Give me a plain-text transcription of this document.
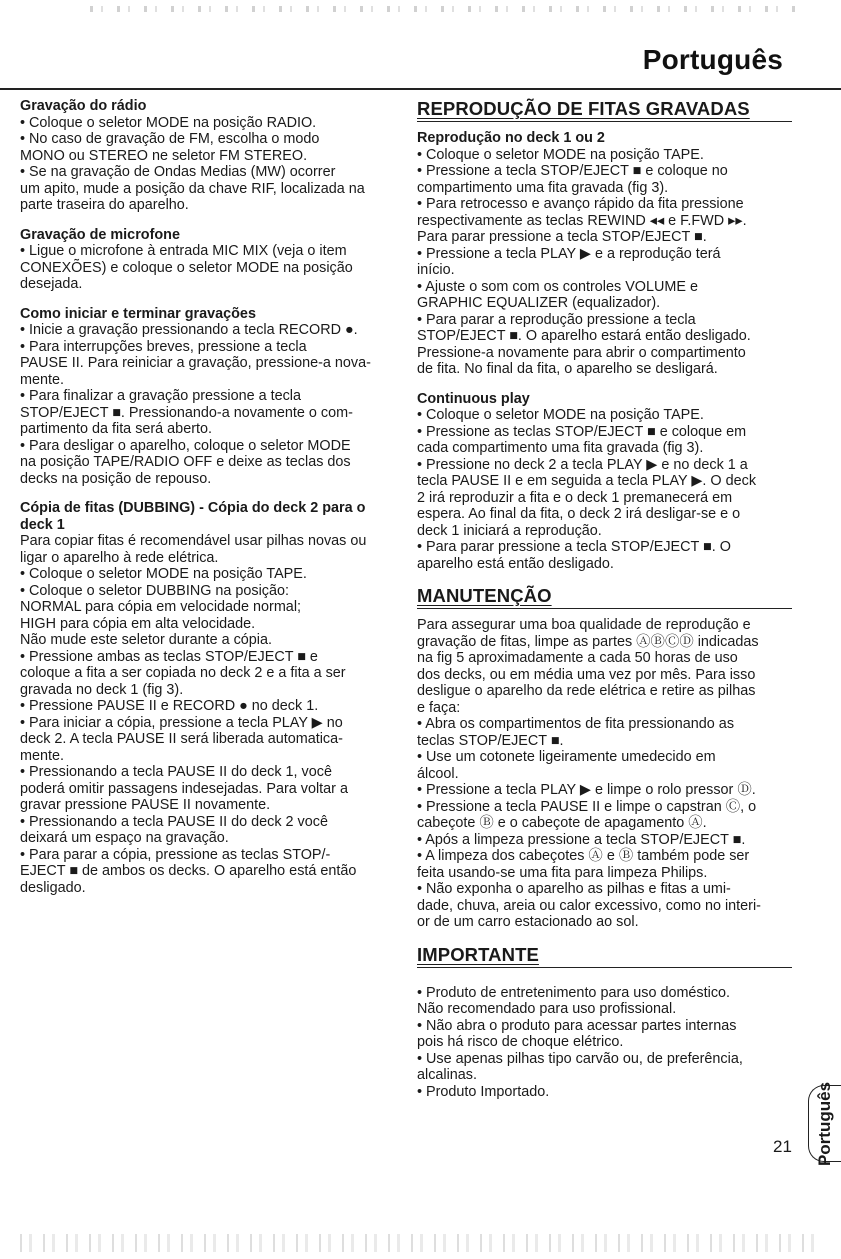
Português

Gravação do rádio

• Coloque o seletor MODE na posição RADIO.

• No caso de gravação de FM, escolha o modo

MONO ou STEREO ne seletor FM STEREO.

• Se na gravação de Ondas Medias (MW) ocorrer

um apito, mude a posição da chave RIF, localizada na

parte traseira do aparelho.

Gravação de microfone

• Ligue o microfone à entrada MIC MIX (veja o item

CONEXÕES) e coloque o seletor MODE na posição

desejada.

Como iniciar e terminar gravações

• Inicie a gravação pressionando a tecla RECORD ●.

• Para interrupções breves, pressione a tecla

PAUSE II. Para reiniciar a gravação, pressione-a nova-

mente.

• Para finalizar a gravação pressione a tecla

STOP/EJECT ■. Pressionando-a novamente o com-

partimento da fita será aberto.

• Para desligar o aparelho, coloque o seletor MODE

na posição TAPE/RADIO OFF e deixe as teclas dos

decks na posição de repouso.

Cópia de fitas (DUBBING) - Cópia do deck 2 para o deck 1

Para copiar fitas é recomendável usar pilhas novas ou

ligar o aparelho à rede elétrica.

• Coloque o seletor MODE na posição TAPE.

• Coloque o seletor DUBBING na posição:

NORMAL para cópia em velocidade normal;

HIGH para cópia em alta velocidade.

Não mude este seletor durante a cópia.

• Pressione ambas as teclas STOP/EJECT ■ e

coloque a fita a ser copiada no deck 2 e a fita a ser

gravada no deck 1 (fig 3).

• Pressione PAUSE II e RECORD ● no deck 1.

• Para iniciar a cópia, pressione a tecla PLAY ▶ no

deck 2. A tecla PAUSE II será liberada automatica-

mente.

• Pressionando a tecla PAUSE II do deck 1, você

poderá omitir passagens indesejadas. Para voltar a

gravar pressione PAUSE II novamente.

• Pressionando a tecla PAUSE II do deck 2 você

deixará um espaço na gravação.

• Para parar a cópia, pressione as teclas STOP/-

EJECT ■ de ambos os decks. O aparelho está então

desligado.

REPRODUÇÃO DE FITAS GRAVADAS

Reprodução no deck 1 ou 2

• Coloque o seletor MODE na posição TAPE.

• Pressione a tecla STOP/EJECT ■ e coloque no

compartimento uma fita gravada (fig 3).

• Para retrocesso e avanço rápido da fita pressione

respectivamente as teclas REWIND ◂◂ e F.FWD ▸▸.

Para parar pressione a tecla STOP/EJECT ■.

• Pressione a tecla PLAY ▶ e a reprodução terá

início.

• Ajuste o som com os controles VOLUME e

GRAPHIC EQUALIZER (equalizador).

• Para parar a reprodução pressione a tecla

STOP/EJECT ■. O aparelho estará então desligado.

Pressione-a novamente para abrir o compartimento

de fita. No final da fita, o aparelho se desligará.

Continuous play

• Coloque o seletor MODE na posição TAPE.

• Pressione as teclas STOP/EJECT ■ e coloque em

cada compartimento uma fita gravada (fig 3).

• Pressione no deck 2 a tecla PLAY ▶ e no deck 1 a

tecla PAUSE II e em seguida a tecla PLAY ▶. O deck

2 irá reproduzir a fita e o deck 1 premanecerá em

espera. Ao final da fita, o deck 2 irá desligar-se e o

deck 1 iniciará a reprodução.

• Para parar pressione a tecla STOP/EJECT ■. O

aparelho está então desligado.

MANUTENÇÃO

Para assegurar uma boa qualidade de reprodução e

gravação de fitas, limpe as partes ⒶⒷⒸⒹ indicadas

na fig 5 aproximadamente a cada 50 horas de uso

dos decks, ou em média uma vez por mês. Para isso

desligue o aparelho da rede elétrica e retire as pilhas

e faça:

• Abra os compartimentos de fita pressionando as

teclas STOP/EJECT ■.

• Use um cotonete ligeiramente umedecido em

álcool.

• Pressione a tecla PLAY ▶ e limpe o rolo pressor Ⓓ.

• Pressione a tecla PAUSE II e limpe o capstran Ⓒ, o

cabeçote Ⓑ e o cabeçote de apagamento Ⓐ.

• Após a limpeza pressione a tecla STOP/EJECT ■.

• A limpeza dos cabeçotes Ⓐ e Ⓑ também pode ser

feita usando-se uma fita para limpeza Philips.

• Não exponha o aparelho as pilhas e fitas a umi-

dade, chuva, areia ou calor excessivo, como no interi-

or de um carro estacionado ao sol.

IMPORTANTE

• Produto de entretenimento para uso doméstico.

Não recomendado para uso profissional.

• Não abra o produto para acessar partes internas

pois há risco de choque elétrico.

• Use apenas pilhas tipo carvão ou, de preferência,

alcalinas.

• Produto Importado.	Português
21
